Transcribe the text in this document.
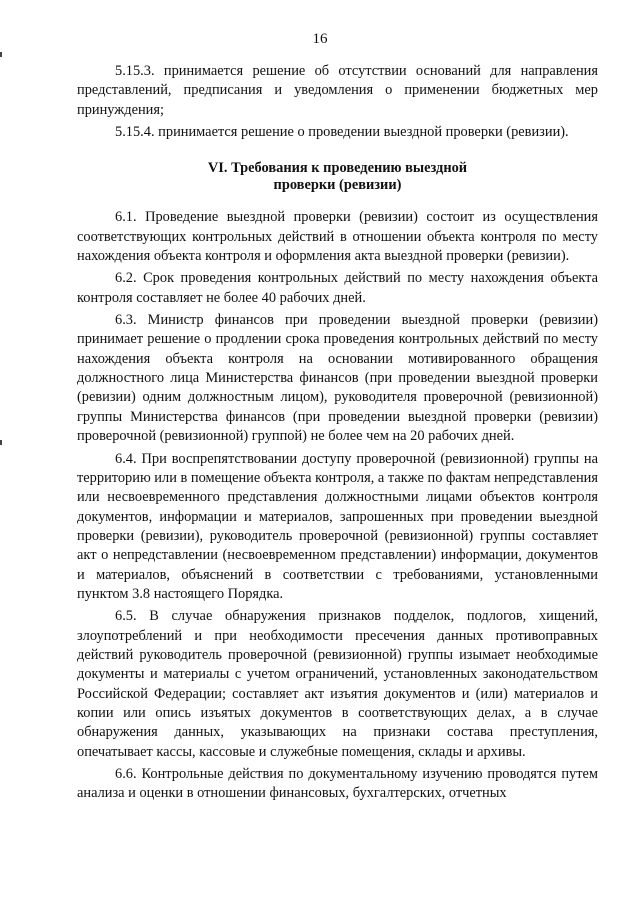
16

5.15.3. принимается решение об отсутствии оснований для направления представлений, предписания и уведомления о применении бюджетных мер принуждения;

5.15.4. принимается решение о проведении выездной проверки (ревизии).

VI. Требования к проведению выездной
проверки (ревизии)

6.1. Проведение выездной проверки (ревизии) состоит из осуществления соответствующих контрольных действий в отношении объекта контроля по месту нахождения объекта контроля и оформления акта выездной проверки (ревизии).

6.2. Срок проведения контрольных действий по месту нахождения объекта контроля составляет не более 40 рабочих дней.

6.3. Министр финансов при проведении выездной проверки (ревизии) принимает решение о продлении срока проведения контрольных действий по месту нахождения объекта контроля на основании мотивированного обращения должностного лица Министерства финансов (при проведении выездной проверки (ревизии) одним должностным лицом), руководителя проверочной (ревизионной) группы Министерства финансов (при проведении выездной проверки (ревизии) проверочной (ревизионной) группой) не более чем на 20 рабочих дней.

6.4. При воспрепятствовании доступу проверочной (ревизионной) группы на территорию или в помещение объекта контроля, а также по фактам непредставления или несвоевременного представления должностными лицами объектов контроля документов, информации и материалов, запрошенных при проведении выездной проверки (ревизии), руководитель проверочной (ревизионной) группы составляет акт о непредставлении (несвоевременном представлении) информации, документов и материалов, объяснений в соответствии с требованиями, установленными пунктом 3.8 настоящего Порядка.

6.5. В случае обнаружения признаков подделок, подлогов, хищений, злоупотреблений и при необходимости пресечения данных противоправных действий руководитель проверочной (ревизионной) группы изымает необходимые документы и материалы с учетом ограничений, установленных законодательством Российской Федерации; составляет акт изъятия документов и (или) материалов и копии или опись изъятых документов в соответствующих делах, а в случае обнаружения данных, указывающих на признаки состава преступления, опечатывает кассы, кассовые и служебные помещения, склады и архивы.

6.6. Контрольные действия по документальному изучению проводятся путем анализа и оценки в отношении финансовых, бухгалтерских, отчетных
